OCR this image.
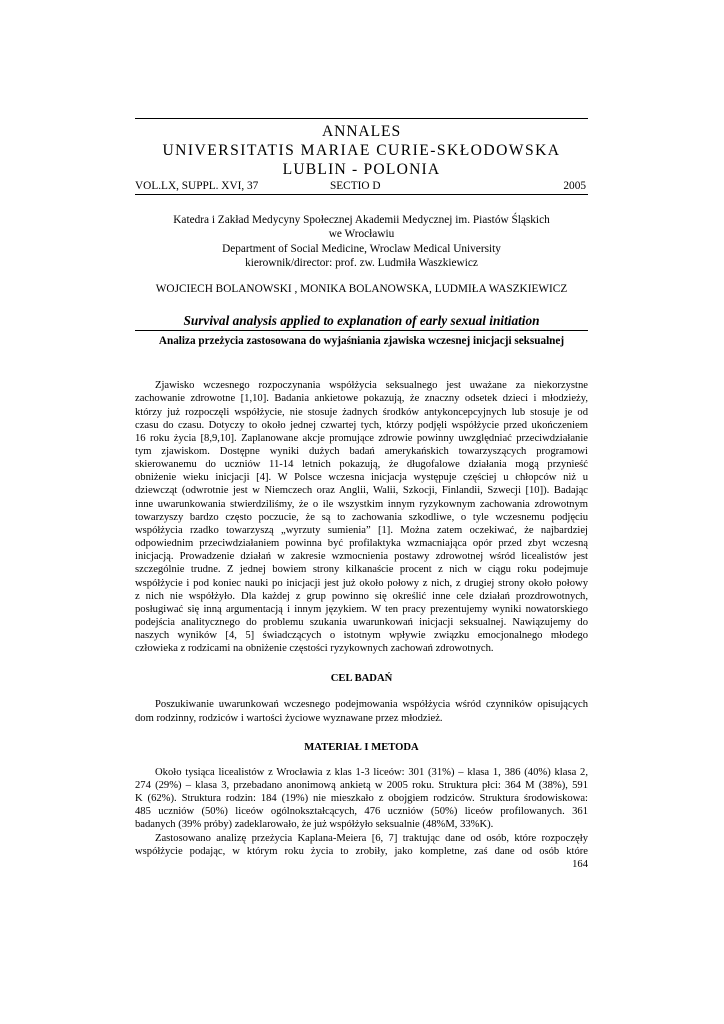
ANNALES
UNIVERSITATIS MARIAE CURIE-SKŁODOWSKA
LUBLIN - POLONIA
VOL.LX, SUPPL. XVI, 37	SECTIO D	2005
Katedra i Zakład Medycyny Społecznej Akademii Medycznej im. Piastów Śląskich
we Wrocławiu
Department of Social Medicine, Wroclaw Medical University
kierownik/director: prof. zw. Ludmiła Waszkiewicz
WOJCIECH BOLANOWSKI , MONIKA BOLANOWSKA, LUDMIŁA WASZKIEWICZ
Survival analysis applied to explanation of early sexual initiation
Analiza przeżycia zastosowana do wyjaśniania zjawiska wczesnej inicjacji seksualnej
Zjawisko wczesnego rozpoczynania współżycia seksualnego jest uważane za niekorzystne
zachowanie zdrowotne [1,10]. Badania ankietowe pokazują, że znaczny odsetek dzieci i młodzieży,
którzy już rozpoczęli współżycie, nie stosuje żadnych środków antykoncepcyjnych lub stosuje je od
czasu do czasu. Dotyczy to około jednej czwartej tych, którzy podjęli współżycie przed ukończeniem
16 roku życia [8,9,10]. Zaplanowane akcje promujące zdrowie powinny uwzględniać przeciwdziałanie
tym zjawiskom. Dostępne wyniki dużych badań amerykańskich towarzyszących programowi
skierowanemu do uczniów 11-14 letnich pokazują, że długofalowe działania mogą przynieść
obniżenie wieku inicjacji [4]. W Polsce wczesna inicjacja występuje częściej u chłopców niż u
dziewcząt (odwrotnie jest w Niemczech oraz Anglii, Walii, Szkocji, Finlandii, Szwecji [10]). Badając
inne uwarunkowania stwierdziliśmy, że o ile wszystkim innym ryzykownym zachowania zdrowotnym
towarzyszy bardzo często poczucie, że są to zachowania szkodliwe, o tyle wczesnemu podjęciu
współżycia rzadko towarzyszą „wyrzuty sumienia” [1]. Można zatem oczekiwać, że najbardziej
odpowiednim przeciwdziałaniem powinna być profilaktyka wzmacniająca opór przed zbyt wczesną
inicjacją. Prowadzenie działań w zakresie wzmocnienia postawy zdrowotnej wśród licealistów jest
szczególnie trudne. Z jednej bowiem strony kilkanaście procent z nich w ciągu roku podejmuje
współżycie i pod koniec nauki po inicjacji jest już około połowy z nich, z drugiej strony około połowy
z nich nie współżyło. Dla każdej z grup powinno się określić inne cele działań prozdrowotnych,
posługiwać się inną argumentacją i innym językiem. W ten pracy prezentujemy wyniki nowatorskiego
podejścia analitycznego do problemu szukania uwarunkowań inicjacji seksualnej. Nawiązujemy do
naszych wyników [4, 5] świadczących o istotnym wpływie związku emocjonalnego młodego
człowieka z rodzicami na obniżenie częstości ryzykownych zachowań zdrowotnych.
CEL BADAŃ
Poszukiwanie uwarunkowań wczesnego podejmowania współżycia wśród czynników opisujących
dom rodzinny, rodziców i wartości życiowe wyznawane przez młodzież.
MATERIAŁ I METODA
Około tysiąca licealistów z Wrocławia z klas 1-3 liceów: 301 (31%) – klasa 1, 386 (40%) klasa 2,
274 (29%) – klasa 3, przebadano anonimową ankietą w 2005 roku. Struktura płci: 364 M (38%), 591
K (62%). Struktura rodzin: 184 (19%) nie mieszkało z obojgiem rodziców. Struktura środowiskowa:
485 uczniów (50%) liceów ogólnokształcących, 476 uczniów (50%) liceów profilowanych. 361
badanych (39% próby) zadeklarowało, że już współżyło seksualnie (48%M, 33%K).
Zastosowano analizę przeżycia Kaplana-Meiera [6, 7] traktując dane od osób, które rozpoczęły
współżycie podając, w którym roku życia to zrobiły, jako kompletne, zaś dane od osób które
164
